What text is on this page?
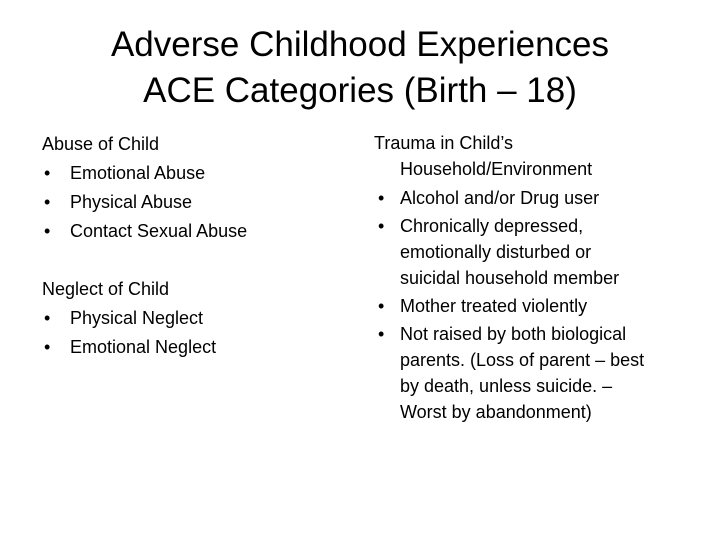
Adverse Childhood Experiences
ACE Categories (Birth – 18)
Abuse of Child
• Emotional Abuse
• Physical Abuse
• Contact Sexual Abuse
Neglect of Child
• Physical Neglect
• Emotional Neglect
Trauma in Child’s
Household/Environment
• Alcohol and/or Drug user
• Chronically depressed,
emotionally disturbed or
suicidal household member
• Mother treated violently
• Not raised by both biological
parents. (Loss of parent – best
by death, unless suicide. –
Worst by abandonment)
